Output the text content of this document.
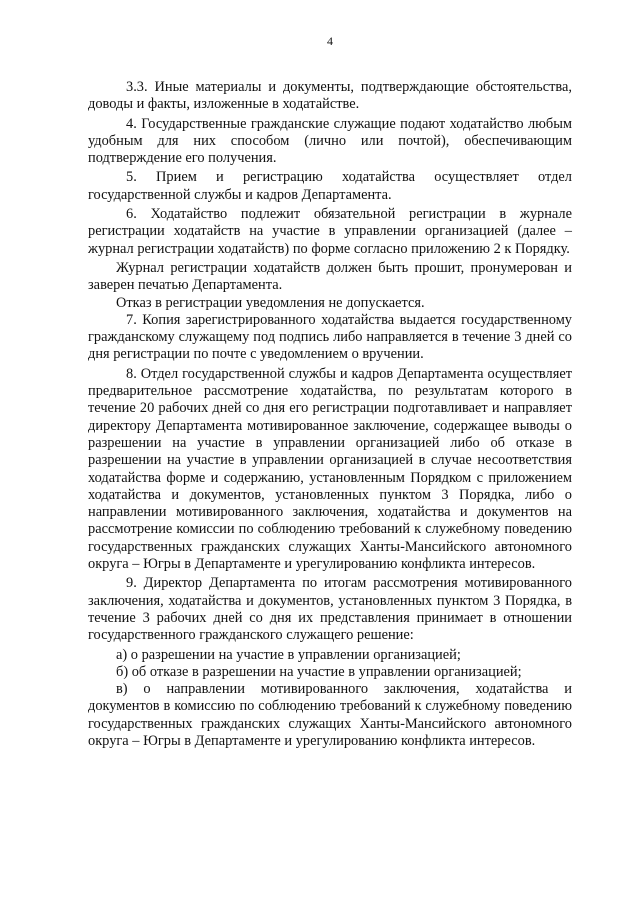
4

3.3. Иные материалы и документы, подтверждающие обстоятельства, доводы и факты, изложенные в ходатайстве.

4. Государственные гражданские служащие подают ходатайство любым удобным для них способом (лично или почтой), обеспечивающим подтверждение его получения.

5. Прием и регистрацию ходатайства осуществляет отдел государственной службы и кадров Департамента.

6. Ходатайство подлежит обязательной регистрации в журнале регистрации ходатайств на участие в управлении организацией (далее – журнал регистрации ходатайств) по форме согласно приложению 2 к Порядку.

Журнал регистрации ходатайств должен быть прошит, пронумерован и заверен печатью Департамента.

Отказ в регистрации уведомления не допускается.

7. Копия зарегистрированного ходатайства выдается государственному гражданскому служащему под подпись либо направляется в течение 3 дней со дня регистрации по почте с уведомлением о вручении.

8. Отдел государственной службы и кадров Департамента осуществляет предварительное рассмотрение ходатайства, по результатам которого в течение 20 рабочих дней со дня его регистрации подготавливает и направляет директору Департамента мотивированное заключение, содержащее выводы о разрешении на участие в управлении организацией либо об отказе в разрешении на участие в управлении организацией в случае несоответствия ходатайства форме и содержанию, установленным Порядком с приложением ходатайства и документов, установленных пунктом 3 Порядка, либо о направлении мотивированного заключения, ходатайства и документов на рассмотрение комиссии по соблюдению требований к служебному поведению государственных гражданских служащих Ханты-Мансийского автономного округа – Югры в Департаменте и урегулированию конфликта интересов.

9. Директор Департамента по итогам рассмотрения мотивированного заключения, ходатайства и документов, установленных пунктом 3 Порядка, в течение 3 рабочих дней со дня их представления принимает в отношении государственного гражданского служащего решение:

а) о разрешении на участие в управлении организацией;

б) об отказе в разрешении на участие в управлении организацией;

в) о направлении мотивированного заключения, ходатайства и документов в комиссию по соблюдению требований к служебному поведению государственных гражданских служащих Ханты-Мансийского автономного округа – Югры в Департаменте и урегулированию конфликта интересов.
